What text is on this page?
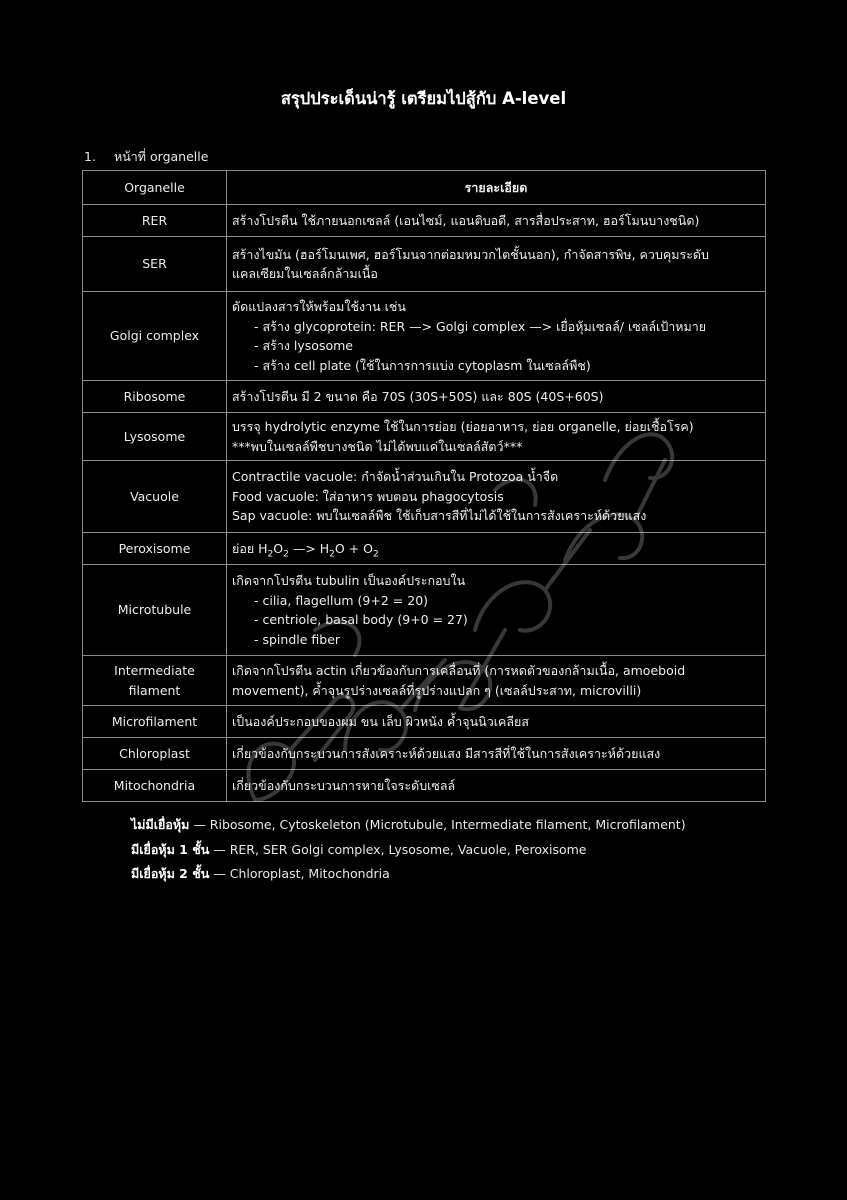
สรุปประเด็นน่ารู้ เตรียมไปสู้กับ A-level
1. หน้าที่ organelle
Organelle	รายละเอียด
RER	สร้างโปรตีน ใช้ภายนอกเซลล์ (เอนไซม์, แอนติบอดี, สารสื่อประสาท, ฮอร์โมนบางชนิด)

SER	สร้างไขมัน (ฮอร์โมนเพศ, ฮอร์โมนจากต่อมหมวกไตชั้นนอก), กำจัดสารพิษ, ควบคุมระดับแคลเซียมในเซลล์กล้ามเนื้อ

Golgi complex	ดัดแปลงสารให้พร้อมใช้งาน เช่น
- สร้าง glycoprotein: RER —> Golgi complex —> เยื่อหุ้มเซลล์/ เซลล์เป้าหมาย
- สร้าง lysosome
- สร้าง cell plate (ใช้ในการการแบ่ง cytoplasm ในเซลล์พืช)

Ribosome	สร้างโปรตีน มี 2 ขนาด คือ 70S (30S+50S) และ 80S (40S+60S)

Lysosome	บรรจุ hydrolytic enzyme ใช้ในการย่อย (ย่อยอาหาร, ย่อย organelle, ย่อยเชื้อโรค)
***พบในเซลล์พืชบางชนิด ไม่ได้พบแค่ในเซลล์สัตว์***

Vacuole	Contractile vacuole: กำจัดน้ำส่วนเกินใน Protozoa น้ำจืด
Food vacuole: ใส่อาหาร พบตอน phagocytosis
Sap vacuole: พบในเซลล์พืช ใช้เก็บสารสีที่ไม่ได้ใช้ในการสังเคราะห์ด้วยแสง

Peroxisome	ย่อย $H_2O_2$ —> $H_2O + O_2$

Microtubule	เกิดจากโปรตีน tubulin เป็นองค์ประกอบใน
- cilia, flagellum (9+2 = 20)
- centriole, basal body (9+0 = 27)
- spindle fiber

Intermediate
filament	เกิดจากโปรตีน actin เกี่ยวข้องกับการเคลื่อนที่ (การหดตัวของกล้ามเนื้อ, amoeboid movement), ค้ำจุนรูปร่างเซลล์ที่รูปร่างแปลก ๆ (เซลล์ประสาท, microvilli)

Microfilament	เป็นองค์ประกอบของผม ขน เล็บ ผิวหนัง ค้ำจุนนิวเคลียส

Chloroplast	เกี่ยวข้องกับกระบวนการสังเคราะห์ด้วยแสง มีสารสีที่ใช้ในการสังเคราะห์ด้วยแสง

Mitochondria	เกี่ยวข้องกับกระบวนการหายใจระดับเซลล์
ไม่มีเยื่อหุ้ม — Ribosome, Cytoskeleton (Microtubule, Intermediate filament, Microfilament)
มีเยื่อหุ้ม 1 ชั้น — RER, SER Golgi complex, Lysosome, Vacuole, Peroxisome
มีเยื่อหุ้ม 2 ชั้น — Chloroplast, Mitochondria
